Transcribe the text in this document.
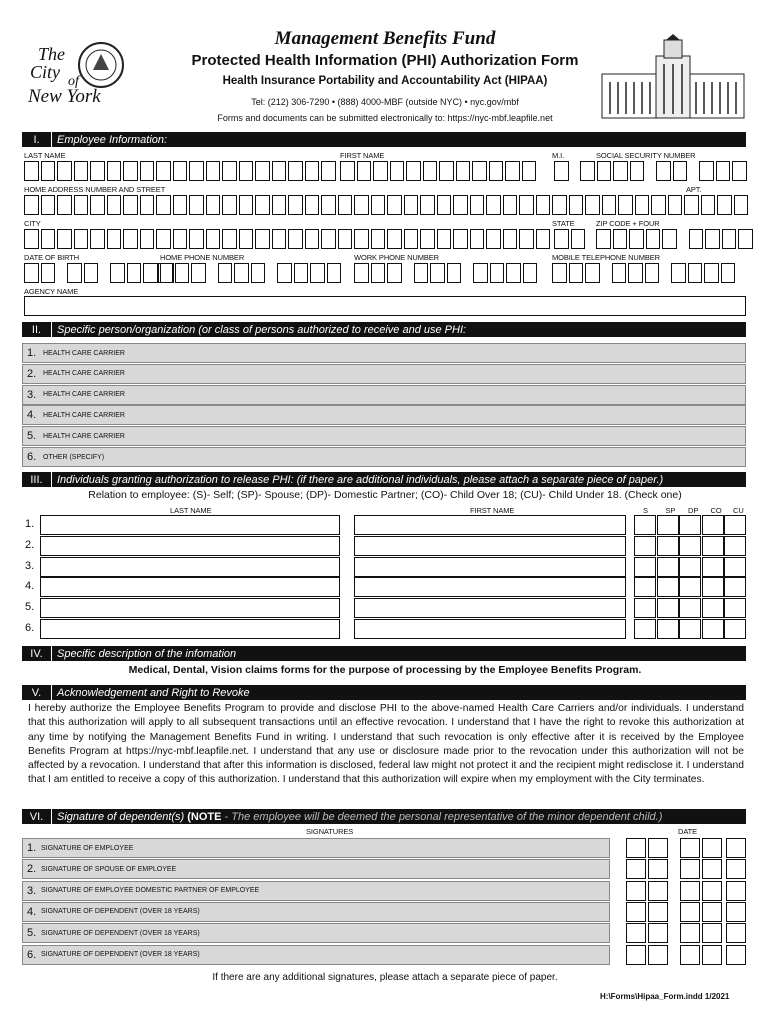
The
City of
New York
Management Benefits Fund
Protected Health Information (PHI) Authorization Form
Health Insurance Portability and Accountability Act (HIPAA)
Tel: (212) 306-7290 • (888) 4000-MBF (outside NYC) • nyc.gov/mbf
Forms and documents can be submitted electronically to: https://nyc-mbf.leapfile.net
I.	Employee Information:
LAST NAME	FIRST NAME	M.I.	SOCIAL SECURITY NUMBER
HOME ADDRESS NUMBER AND STREET	APT.
CITY	STATE	ZIP CODE + FOUR
DATE OF BIRTH	HOME PHONE NUMBER	WORK PHONE NUMBER	MOBILE TELEPHONE NUMBER
AGENCY NAME
II.	Specific person/organization (or class of persons authorized to receive and use PHI:
1. HEALTH CARE CARRIER
2. HEALTH CARE CARRIER
3. HEALTH CARE CARRIER
4. HEALTH CARE CARRIER
5. HEALTH CARE CARRIER
6. OTHER (SPECIFY)
III.	Individuals granting authorization to release PHI: (if there are additional individuals, please attach a separate piece of paper.)
Relation to employee: (S)- Self; (SP)- Spouse; (DP)- Domestic Partner; (CO)- Child Over 18; (CU)- Child Under 18. (Check one)
LAST NAME	FIRST NAME	S SP DP CO CU
1.
2.
3.
4.
5.
6.
IV.	Specific description of the infomation
Medical, Dental, Vision claims forms for the purpose of processing by the Employee Benefits Program.
V.	Acknowledgement and Right to Revoke
I hereby authorize the Employee Benefits Program to provide and disclose PHI to the above-named Health Care Carriers and/or individuals. I understand that this authorization will apply to all subsequent transactions until an effective revocation. I understand that I have the right to revoke this authorization at any time by notifying the Management Benefits Fund in writing. I understand that such revocation is only effective after it is received by the Employee Benefits Program at https://nyc-mbf.leapfile.net. I understand that any use or disclosure made prior to the revocation under this authorization will not be affected by a revocation. I understand that after this information is disclosed, federal law might not protect it and the recipient might redisclose it. I understand that I am entitled to receive a copy of this authorization. I understand that this authorization will expire when my employment with the City terminates.
VI.	Signature of dependent(s) (NOTE - The employee will be deemed the personal representative of the minor dependent child.)
SIGNATURES	DATE
1. SIGNATURE OF EMPLOYEE
2. SIGNATURE OF SPOUSE OF EMPLOYEE
3. SIGNATURE OF EMPLOYEE DOMESTIC PARTNER OF EMPLOYEE
4. SIGNATURE OF DEPENDENT (OVER 18 YEARS)
5. SIGNATURE OF DEPENDENT (OVER 18 YEARS)
6. SIGNATURE OF DEPENDENT (OVER 18 YEARS)
If there are any additional signatures, please attach a separate piece of paper.
H:\Forms\Hipaa_Form.indd 1/2021
